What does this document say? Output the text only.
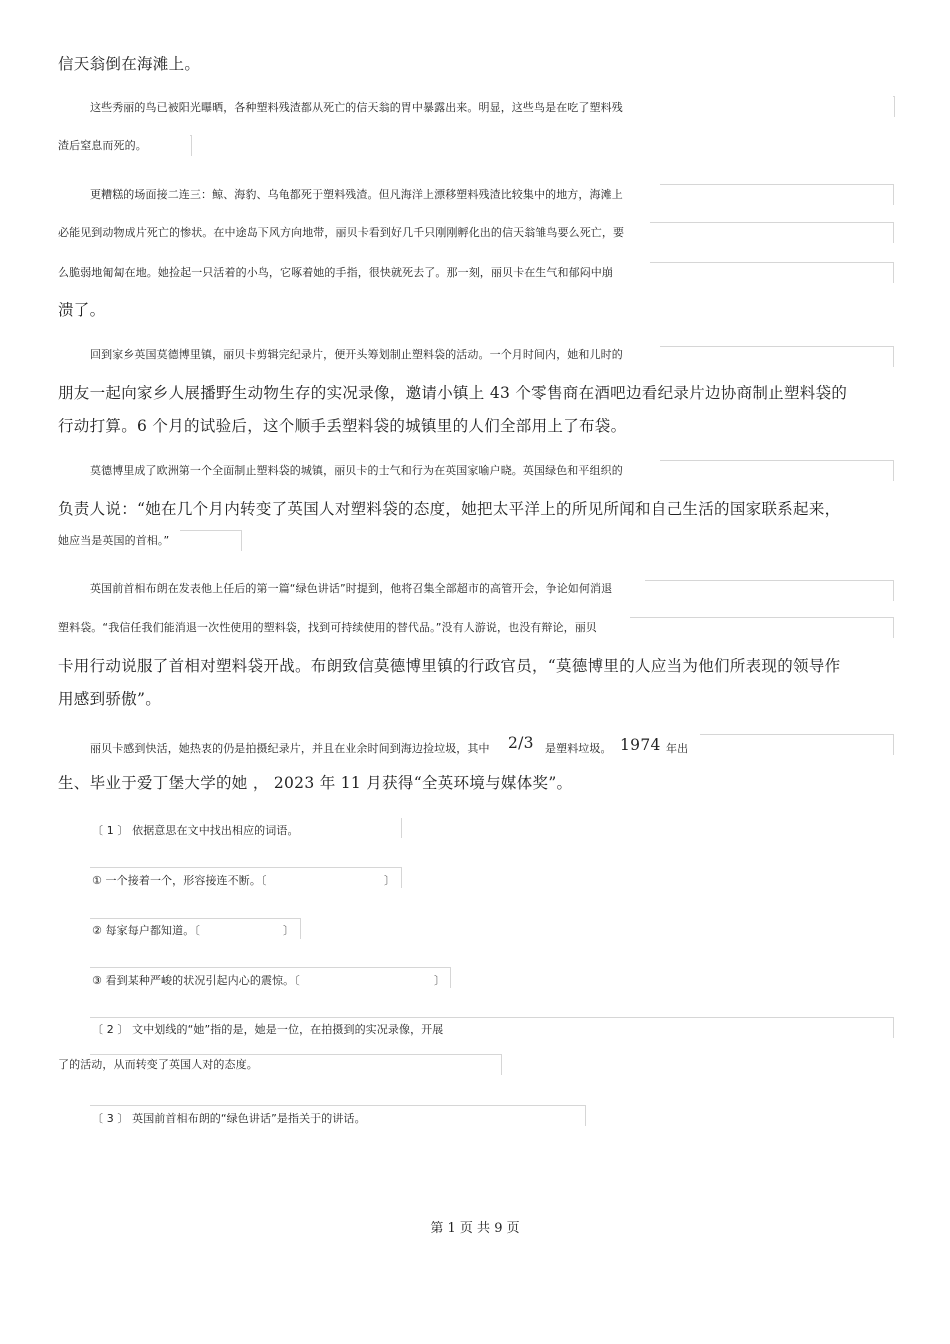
信天翁倒在海滩上。
这些秀丽的鸟已被阳光曝晒，各种塑料残渣都从死亡的信天翁的胃中暴露出来。明显，这些鸟是在吃了塑料残
渣后窒息而死的。
更糟糕的场面接二连三：鲸、海豹、乌龟都死于塑料残渣。但凡海洋上漂移塑料残渣比较集中的地方，海滩上
必能见到动物成片死亡的惨状。在中途岛下风方向地带，丽贝卡看到好几千只刚刚孵化出的信天翁雏鸟要么死亡，要
么脆弱地匍匐在地。她捡起一只活着的小鸟，它啄着她的手指，很快就死去了。那一刻，丽贝卡在生气和郁闷中崩
溃了。
回到家乡英国莫德博里镇，丽贝卡剪辑完纪录片，便开头筹划制止塑料袋的活动。一个月时间内，她和儿时的
朋友一起向家乡人展播野生动物生存的实况录像，邀请小镇上 43 个零售商在酒吧边看纪录片边协商制止塑料袋的
行动打算。6 个月的试验后，这个顺手丢塑料袋的城镇里的人们全部用上了布袋。
莫德博里成了欧洲第一个全面制止塑料袋的城镇，丽贝卡的士气和行为在英国家喻户晓。英国绿色和平组织的
负责人说：“她在几个月内转变了英国人对塑料袋的态度，她把太平洋上的所见所闻和自己生活的国家联系起来，
她应当是英国的首相。”
英国前首相布朗在发表他上任后的第一篇“绿色讲话”时提到，他将召集全部超市的高管开会，争论如何消退
塑料袋。“我信任我们能消退一次性使用的塑料袋，找到可持续使用的替代品。”没有人游说，也没有辩论，丽贝
卡用行动说服了首相对塑料袋开战。布朗致信莫德博里镇的行政官员，“莫德博里的人应当为他们所表现的领导作
用感到骄傲”。
丽贝卡感到快活，她热衷的仍是拍摄纪录片，并且在业余时间到海边捡垃圾，其中 2/3 是塑料垃圾。 1974 年出
生、毕业于爱丁堡大学的她 ， 2023 年 11 月获得“全英环境与媒体奖”。
〔 1 〕 依据意思在文中找出相应的词语。
① 一个接着一个，形容接连不断。〔	〕
② 每家每户都知道。〔	〕
③ 看到某种严峻的状况引起内心的震惊。〔	〕
〔 2 〕 文中划线的“她”指的是，她是一位，在拍摄到的实况录像，开展
了的活动，从而转变了英国人对的态度。
〔 3 〕 英国前首相布朗的“绿色讲话”是指关于的讲话。
第 1 页 共 9 页
